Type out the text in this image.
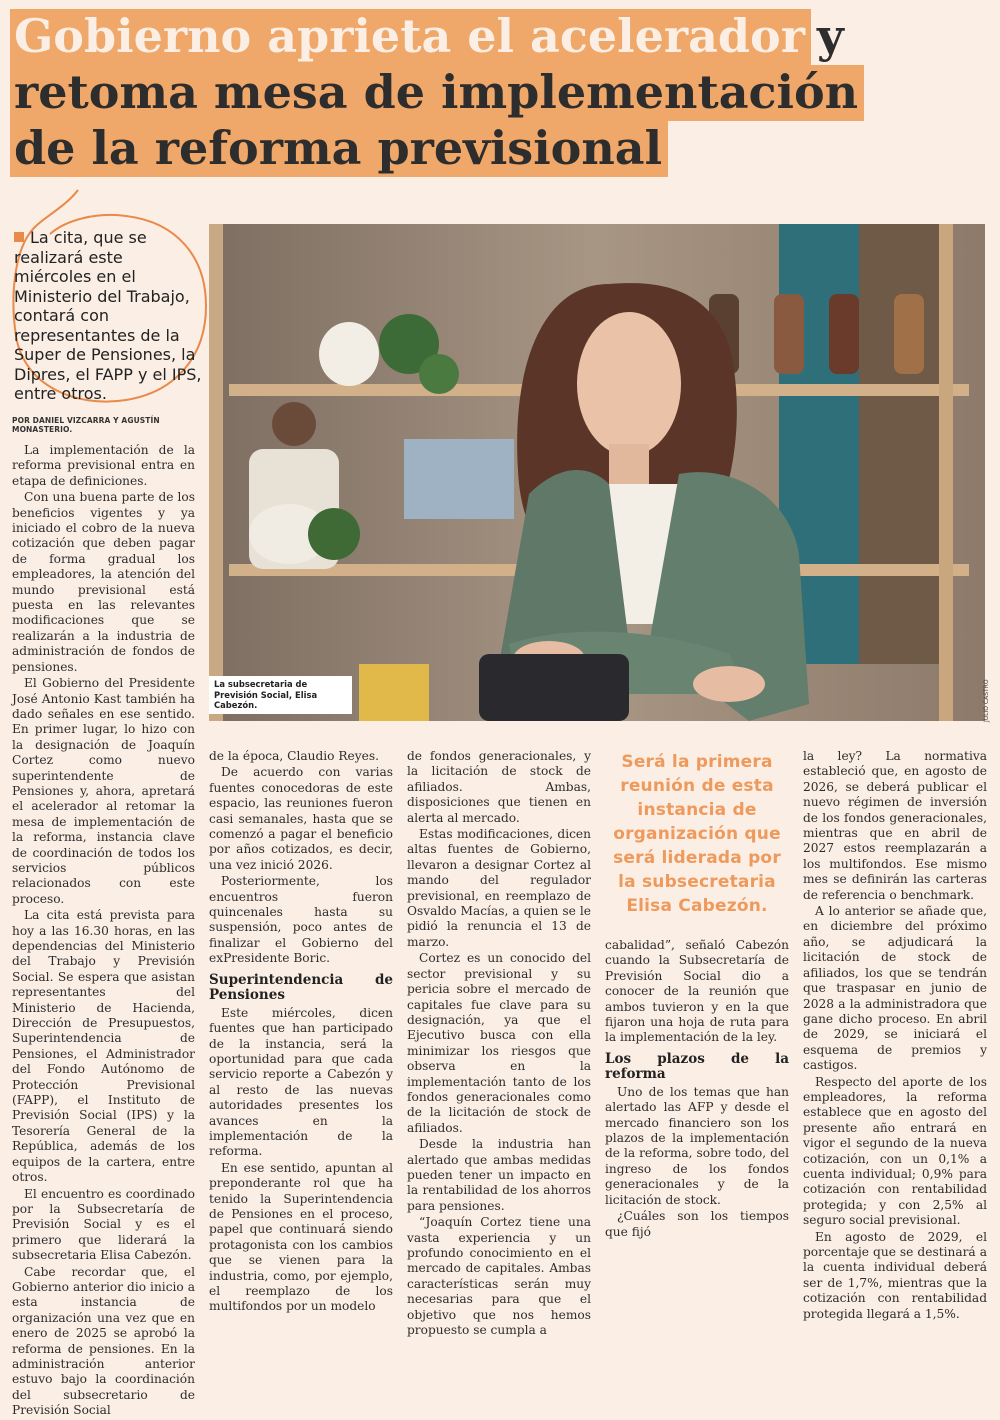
Gobierno aprieta el acelerador y
retoma mesa de implementación
de la reforma previsional
La cita, que se realizará este miércoles en el Ministerio del Trabajo, contará con representantes de la Super de Pensiones, la Dipres, el FAPP y el IPS, entre otros.
POR DANIEL VIZCARRA Y AGUSTÍN MONASTERIO.
La subsecretaria de Previsión Social, Elisa Cabezón.	JULIO CASTRO

La implementación de la reforma previsional entra en etapa de definiciones.

Con una buena parte de los beneficios vigentes y ya iniciado el cobro de la nueva cotización que deben pagar de forma gradual los empleadores, la atención del mundo previsional está puesta en las relevantes modificaciones que se realizarán a la industria de administración de fondos de pensiones.

El Gobierno del Presidente José Antonio Kast también ha dado señales en ese sentido. En primer lugar, lo hizo con la designación de Joaquín Cortez como nuevo superintendente de Pensiones y, ahora, apretará el acelerador al retomar la mesa de implementación de la reforma, instancia clave de coordinación de todos los servicios públicos relacionados con este proceso.

La cita está prevista para hoy a las 16.30 horas, en las dependencias del Ministerio del Trabajo y Previsión Social. Se espera que asistan representantes del Ministerio de Hacienda, Dirección de Presupuestos, Superintendencia de Pensiones, el Administrador del Fondo Autónomo de Protección Previsional (FAPP), el Instituto de Previsión Social (IPS) y la Tesorería General de la República, además de los equipos de la cartera, entre otros.

El encuentro es coordinado por la Subsecretaría de Previsión Social y es el primero que liderará la subsecretaria Elisa Cabezón.

Cabe recordar que, el Gobierno anterior dio inicio a esta instancia de organización una vez que en enero de 2025 se aprobó la reforma de pensiones. En la administración anterior estuvo bajo la coordinación del subsecretario de Previsión Social

de la época, Claudio Reyes.

De acuerdo con varias fuentes conocedoras de este espacio, las reuniones fueron casi semanales, hasta que se comenzó a pagar el beneficio por años cotizados, es decir, una vez inició 2026.

Posteriormente, los encuentros fueron quincenales hasta su suspensión, poco antes de finalizar el Gobierno del exPresidente Boric.

Superintendencia de Pensiones

Este miércoles, dicen fuentes que han participado de la instancia, será la oportunidad para que cada servicio reporte a Cabezón y al resto de las nuevas autoridades presentes los avances en la implementación de la reforma.

En ese sentido, apuntan al preponderante rol que ha tenido la Superintendencia de Pensiones en el proceso, papel que continuará siendo protagonista con los cambios que se vienen para la industria, como, por ejemplo, el reemplazo de los multifondos por un modelo

de fondos generacionales, y la licitación de stock de afiliados. Ambas, disposiciones que tienen en alerta al mercado.

Estas modificaciones, dicen altas fuentes de Gobierno, llevaron a designar Cortez al mando del regulador previsional, en reemplazo de Osvaldo Macías, a quien se le pidió la renuncia el 13 de marzo.

Cortez es un conocido del sector previsional y su pericia sobre el mercado de capitales fue clave para su designación, ya que el Ejecutivo busca con ella minimizar los riesgos que observa en la implementación tanto de los fondos generacionales como de la licitación de stock de afiliados.

Desde la industria han alertado que ambas medidas pueden tener un impacto en la rentabilidad de los ahorros para pensiones.

“Joaquín Cortez tiene una vasta experiencia y un profundo conocimiento en el mercado de capitales. Ambas características serán muy necesarias para que el objetivo que nos hemos propuesto se cumpla a

Será la primera reunión de esta instancia de organización que será liderada por la subsecretaria Elisa Cabezón.

cabalidad”, señaló Cabezón cuando la Subsecretaría de Previsión Social dio a conocer de la reunión que ambos tuvieron y en la que fijaron una hoja de ruta para la implementación de la ley.

Los plazos de la reforma

Uno de los temas que han alertado las AFP y desde el mercado financiero son los plazos de la implementación de la reforma, sobre todo, del ingreso de los fondos generacionales y de la licitación de stock.

¿Cuáles son los tiempos que fijó

la ley? La normativa estableció que, en agosto de 2026, se deberá publicar el nuevo régimen de inversión de los fondos generacionales, mientras que en abril de 2027 estos reemplazarán a los multifondos. Ese mismo mes se definirán las carteras de referencia o benchmark.

A lo anterior se añade que, en diciembre del próximo año, se adjudicará la licitación de stock de afiliados, los que se tendrán que traspasar en junio de 2028 a la administradora que gane dicho proceso. En abril de 2029, se iniciará el esquema de premios y castigos.

Respecto del aporte de los empleadores, la reforma establece que en agosto del presente año entrará en vigor el segundo de la nueva cotización, con un 0,1% a cuenta individual; 0,9% para cotización con rentabilidad protegida; y con 2,5% al seguro social previsional.

En agosto de 2029, el porcentaje que se destinará a la cuenta individual deberá ser de 1,7%, mientras que la cotización con rentabilidad protegida llegará a 1,5%.
